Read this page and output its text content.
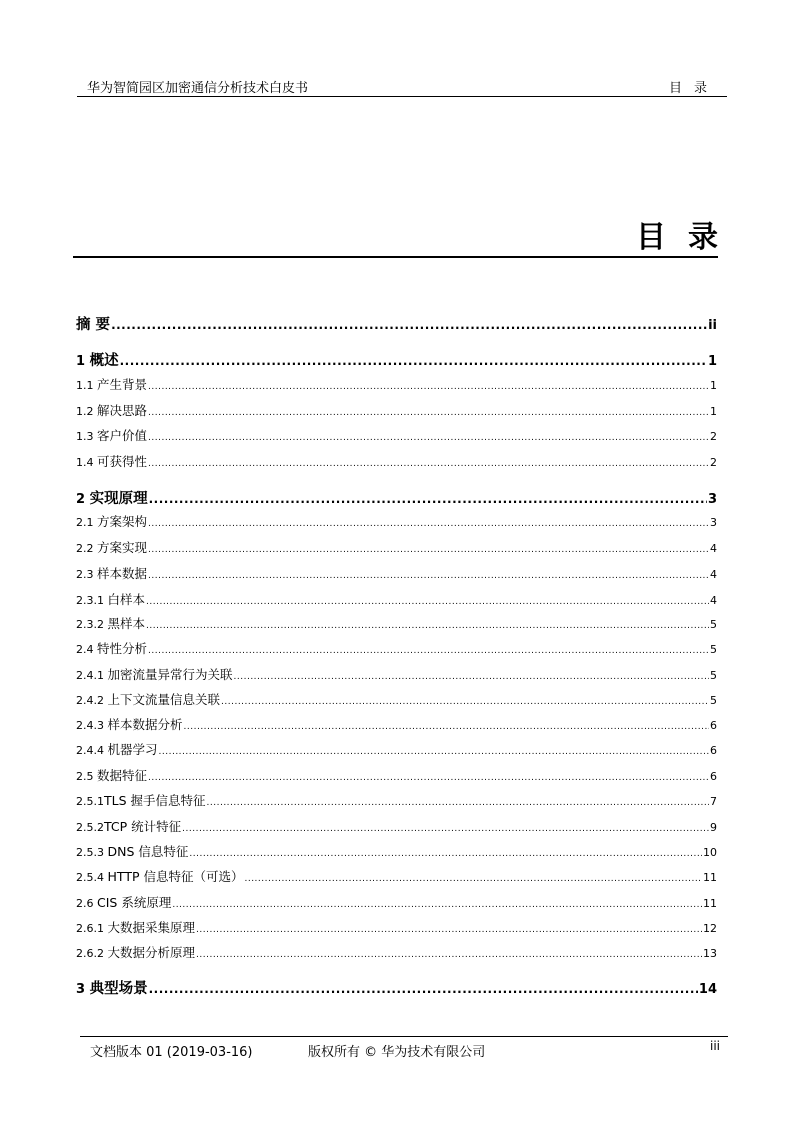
华为智简园区加密通信分析技术白皮书	目录
目录
摘 要 .....	ii
1 概述 .....	1
1.1 产生背景 .....	1
1.2 解决思路 .....	1
1.3 客户价值 .....	2
1.4 可获得性 .....	2
2 实现原理 .....	3
2.1 方案架构 .....	3
2.2 方案实现 .....	4
2.3 样本数据 .....	4
2.3.1 白样本 .....	4
2.3.2 黑样本 .....	5
2.4 特性分析 .....	5
2.4.1 加密流量异常行为关联 .....	5
2.4.2 上下文流量信息关联 .....	5
2.4.3 样本数据分析 .....	6
2.4.4 机器学习 .....	6
2.5 数据特征 .....	6
2.5.1 TLS 握手信息特征 .....	7
2.5.2 TCP 统计特征 .....	9
2.5.3 DNS 信息特征 .....	10
2.5.4 HTTP 信息特征（可选） .....	11
2.6 CIS 系统原理 .....	11
2.6.1 大数据采集原理 .....	12
2.6.2 大数据分析原理 .....	13
3 典型场景 .....	14
文档版本 01 (2019-03-16)	版权所有 © 华为技术有限公司	iii
